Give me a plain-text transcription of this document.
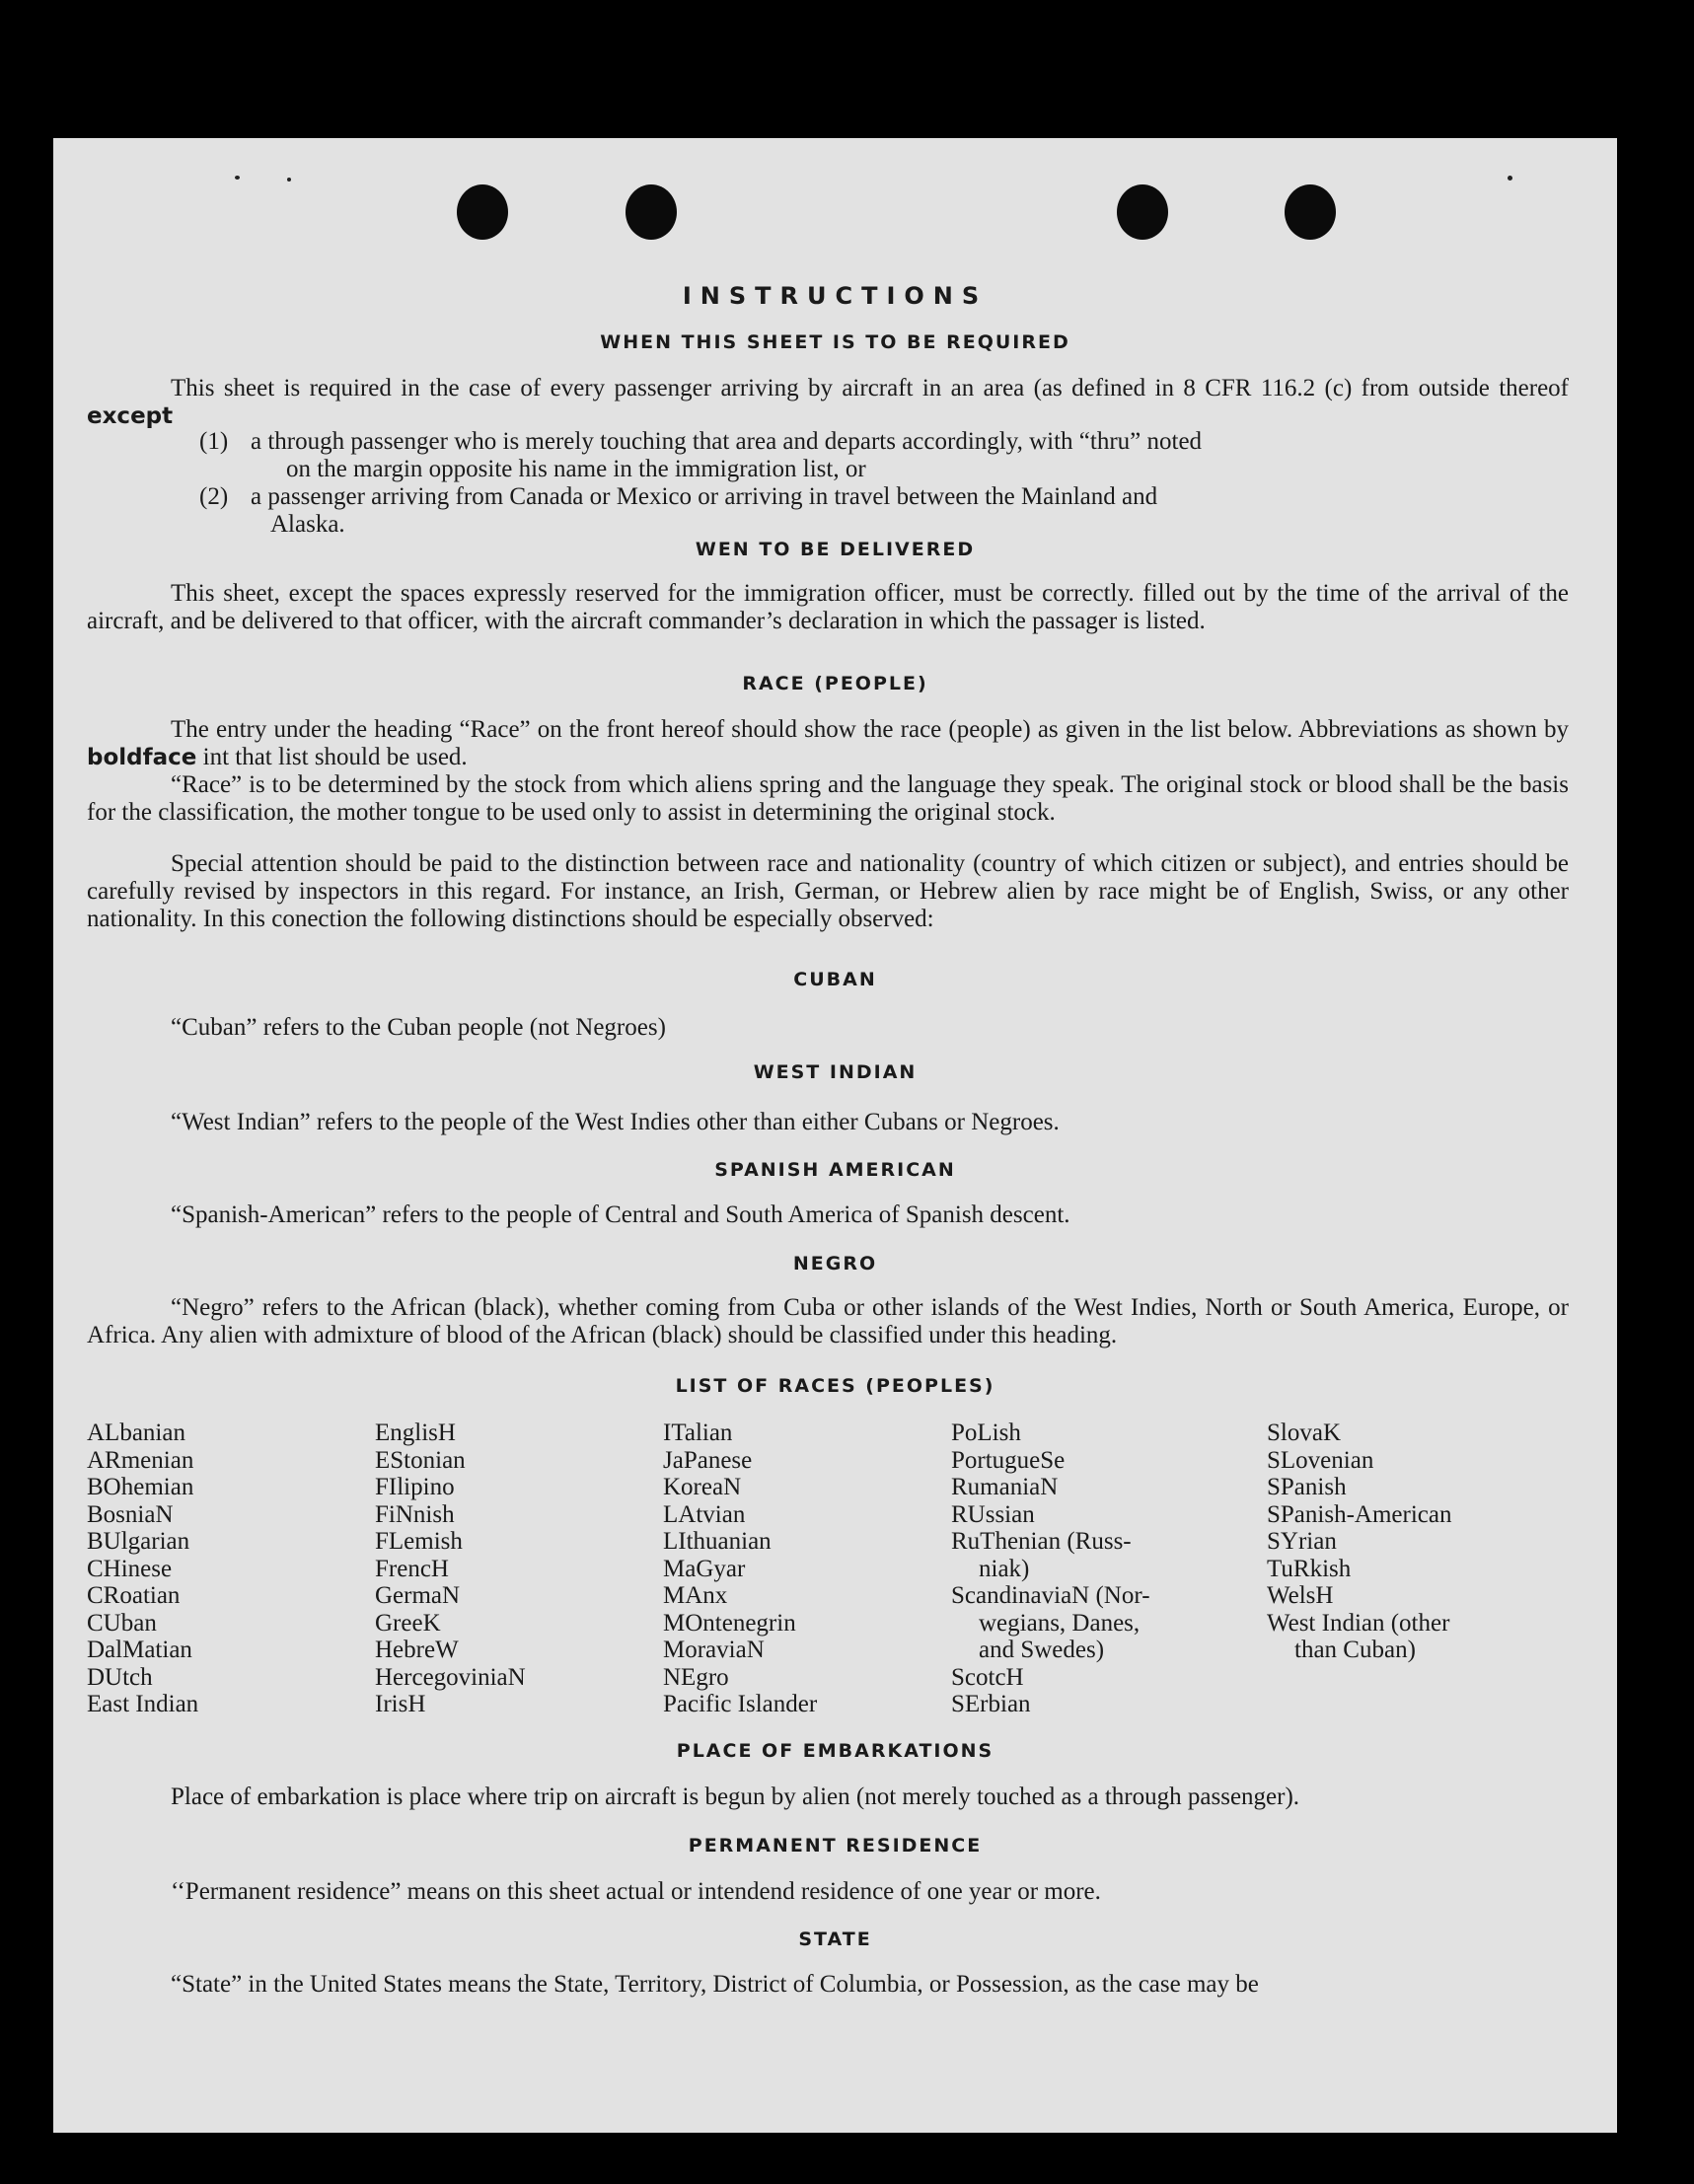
INSTRUCTIONS
WHEN THIS SHEET IS TO BE REQUIRED

This sheet is required in the case of every passenger arriving by aircraft in an area (as defined in 8 CFR 116.2 (c) from outside thereof except

(1) a through passenger who is merely touching that area and departs accordingly, with “thru” noted
on the margin opposite his name in the immigration list, or
(2) a passenger arriving from Canada or Mexico or arriving in travel between the Mainland and
Alaska.
WEN TO BE DELIVERED

This sheet, except the spaces expressly reserved for the immigration officer, must be correctly. filled out by the time of the arrival of the aircraft, and be delivered to that officer, with the aircraft commander’s declaration in which the passager is listed.

RACE (PEOPLE)

The entry under the heading “Race” on the front hereof should show the race (people) as given in the list below. Abbreviations as shown by boldface int that list should be used.

“Race” is to be determined by the stock from which aliens spring and the language they speak. The original stock or blood shall be the basis for the classification, the mother tongue to be used only to assist in determining the original stock.

Special attention should be paid to the distinction between race and nationality (country of which citizen or subject), and entries should be carefully revised by inspectors in this regard. For instance, an Irish, German, or Hebrew alien by race might be of English, Swiss, or any other nationality. In this conection the following distinctions should be especially observed:

CUBAN

“Cuban” refers to the Cuban people (not Negroes)

WEST INDIAN

“West Indian” refers to the people of the West Indies other than either Cubans or Negroes.

SPANISH AMERICAN

“Spanish-American” refers to the people of Central and South America of Spanish descent.

NEGRO

“Negro” refers to the African (black), whether coming from Cuba or other islands of the West Indies, North or South America, Europe, or Africa. Any alien with admixture of blood of the African (black) should be classified under this heading.

LIST OF RACES (PEOPLES)
ALbanian
ARmenian
BOhemian
BosniaN
BUlgarian
CHinese
CRoatian
CUban
DalMatian
DUtch
East Indian
EnglisH
EStonian
FIlipino
FiNnish
FLemish
FrencH
GermaN
GreeK
HebreW
HercegoviniaN
IrisH
ITalian
JaPanese
KoreaN
LAtvian
LIthuanian
MaGyar
MAnx
MOntenegrin
MoraviaN
NEgro
Pacific Islander
PoLish
PortugueSe
RumaniaN
RUssian
RuThenian (Russ-
niak)
ScandinaviaN (Nor-
wegians, Danes,
and Swedes)
ScotcH
SErbian
SlovaK
SLovenian
SPanish
SPanish-American
SYrian
TuRkish
WelsH
West Indian (other
than Cuban)
PLACE OF EMBARKATIONS

Place of embarkation is place where trip on aircraft is begun by alien (not merely touched as a through passenger).

PERMANENT RESIDENCE

‘‘Permanent residence” means on this sheet actual or intendend residence of one year or more.

STATE

“State” in the United States means the State, Territory, District of Columbia, or Possession, as the case may be
